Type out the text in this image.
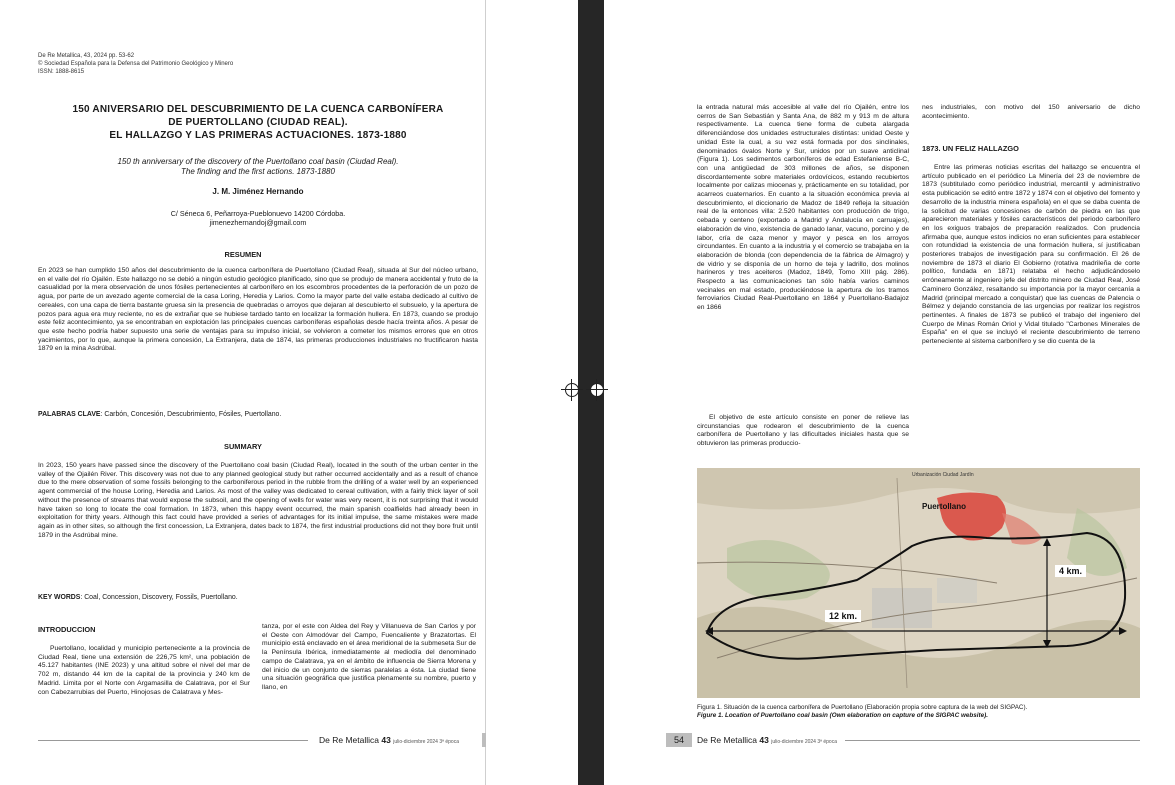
De Re Metallica, 43, 2024 pp. 53-62
© Sociedad Española para la Defensa del Patrimonio Geológico y Minero
ISSN: 1888-8615
150 ANIVERSARIO DEL DESCUBRIMIENTO DE LA CUENCA CARBONÍFERA
DE PUERTOLLANO (CIUDAD REAL).
EL HALLAZGO Y LAS PRIMERAS ACTUACIONES. 1873-1880
150 th anniversary of the discovery of the Puertollano coal basin (Ciudad Real).
The finding and the first actions. 1873-1880
J. M. Jiménez Hernando
C/ Séneca 6, Peñarroya-Pueblonuevo 14200 Córdoba.
jimenezhernandoj@gmail.com
RESUMEN
En 2023 se han cumplido 150 años del descubrimiento de la cuenca carbonífera de Puertollano (Ciudad Real), situada al Sur del núcleo urbano, en el valle del río Ojailén. Este hallazgo no se debió a ningún estudio geológico planificado, sino que se produjo de manera accidental y fruto de la casualidad por la mera observación de unos fósiles pertenecientes al carbonífero en los escombros procedentes de la perforación de un pozo de agua, por parte de un avezado agente comercial de la casa Loring, Heredia y Larios. Como la mayor parte del valle estaba dedicado al cultivo de cereales, con una capa de tierra bastante gruesa sin la presencia de quebradas o arroyos que dejaran al descubierto el subsuelo, y la apertura de pozos para agua era muy reciente, no es de extrañar que se hubiese tardado tanto en localizar la formación hullera. En 1873, cuando se produjo este feliz acontecimiento, ya se encontraban en explotación las principales cuencas carboníferas españolas desde hacía treinta años. A pesar de que este hecho podría haber supuesto una serie de ventajas para su impulso inicial, se volvieron a cometer los mismos errores que en otros yacimientos, por lo que, aunque la primera concesión, La Extranjera, data de 1874, las primeras producciones industriales no fructificaron hasta 1879 en la mina Asdrúbal.
PALABRAS CLAVE: Carbón, Concesión, Descubrimiento, Fósiles, Puertollano.
SUMMARY
In 2023, 150 years have passed since the discovery of the Puertollano coal basin (Ciudad Real), located in the south of the urban center in the valley of the Ojailén River. This discovery was not due to any planned geological study but rather occurred accidentally and as a result of chance due to the mere observation of some fossils belonging to the carboniferous period in the rubble from the drilling of a water well by an experienced agent commercial of the house Loring, Heredia and Larios. As most of the valley was dedicated to cereal cultivation, with a fairly thick layer of soil without the presence of streams that would expose the subsoil, and the opening of wells for water was very recent, it is not surprising that it would have taken so long to locate the coal formation. In 1873, when this happy event occurred, the main spanish coalfields had already been in exploitation for thirty years. Although this fact could have provided a series of advantages for its initial impulse, the same mistakes were made again as in other sites, so although the first concession, La Extranjera, dates back to 1874, the first industrial productions did not they bore fruit until 1879 in the Asdrúbal mine.
KEY WORDS: Coal, Concession, Discovery, Fossils, Puertollano.
INTRODUCCION
Puertollano, localidad y municipio perteneciente a la provincia de Ciudad Real, tiene una extensión de 226,75 km², una población de 45.127 habitantes (INE 2023) y una altitud sobre el nivel del mar de 702 m, distando 44 km de la capital de la provincia y 240 km de Madrid. Limita por el Norte con Argamasilla de Calatrava, por el Sur con Cabezarrubias del Puerto, Hinojosas de Calatrava y Mes-
tanza, por el este con Aldea del Rey y Villanueva de San Carlos y por el Oeste con Almodóvar del Campo, Fuencaliente y Brazatortas. El municipio está enclavado en el área meridional de la submeseta Sur de la Península Ibérica, inmediatamente al mediodía del denominado campo de Calatrava, ya en el ámbito de influencia de Sierra Morena y del inicio de un conjunto de sierras paralelas a ésta. La ciudad tiene una situación geográfica que justifica plenamente su nombre, puerto y llano, en
De Re Metallica 43 julio-diciembre 2024 3ª época
la entrada natural más accesible al valle del río Ojailén, entre los cerros de San Sebastián y Santa Ana, de 882 m y 913 m de altura respectivamente. La cuenca tiene forma de cubeta alargada diferenciándose dos unidades estructurales distintas: unidad Oeste y unidad Este la cual, a su vez está formada por dos sinclinales, denominados óvalos Norte y Sur, unidos por un suave anticlinal (Figura 1). Los sedimentos carboníferos de edad Estefaniense B-C, con una antigüedad de 303 millones de años, se disponen discordantemente sobre materiales ordovícicos, estando recubiertos localmente por calizas miocenas y, prácticamente en su totalidad, por acarreos cuaternarios. En cuanto a la situación económica previa al descubrimiento, el diccionario de Madoz de 1849 refleja la situación real de la entonces villa: 2.520 habitantes con producción de trigo, cebada y centeno (exportado a Madrid y Andalucía en carruajes), elaboración de vino, existencia de ganado lanar, vacuno, porcino y de labor, cría de caza menor y mayor y pesca en los arroyos circundantes. En cuanto a la industria y el comercio se trabajaba en la elaboración de blonda (con dependencia de la fábrica de Almagro) y de vidrio y se disponía de un horno de teja y ladrillo, dos molinos harineros y tres aceiteros (Madoz, 1849, Tomo XIII pág. 286). Respecto a las comunicaciones tan sólo había varios caminos vecinales en mal estado, produciéndose la apertura de los tramos ferroviarios Ciudad Real-Puertollano en 1864 y Puertollano-Badajoz en 1866
El objetivo de este artículo consiste en poner de relieve las circunstancias que rodearon el descubrimiento de la cuenca carbonífera de Puertollano y las dificultades iniciales hasta que se obtuvieron las primeras produccio-
nes industriales, con motivo del 150 aniversario de dicho acontecimiento.
1873. UN FELIZ HALLAZGO
Entre las primeras noticias escritas del hallazgo se encuentra el artículo publicado en el periódico La Minería del 23 de noviembre de 1873 (subtitulado como periódico industrial, mercantil y administrativo esta publicación se editó entre 1872 y 1874 con el objetivo del fomento y desarrollo de la industria minera española) en el que se daba cuenta de la solicitud de varias concesiones de carbón de piedra en las que aparecieron materiales y fósiles característicos del periodo carbonífero en los exiguos trabajos de preparación realizados. Con prudencia afirmaba que, aunque estos indicios no eran suficientes para establecer con rotundidad la existencia de una formación hullera, sí justificaban posteriores trabajos de investigación para su confirmación. El 26 de noviembre de 1873 el diario El Gobierno (rotativa madrileña de corte político, fundada en 1871) relataba el hecho adjudicándoselo erróneamente al ingeniero jefe del distrito minero de Ciudad Real, José Caminero González, resaltando su importancia por la mayor cercanía a Madrid (principal mercado a conquistar) que las cuencas de Palencia o Bélmez y dejando constancia de las urgencias por realizar los registros pertinentes. A finales de 1873 se publicó el trabajo del ingeniero del Cuerpo de Minas Román Oriol y Vidal titulado "Carbones Minerales de España" en el que se incluyó el reciente descubrimiento de terreno perteneciente al sistema carbonífero y se dio cuenta de la
Puertollano
Urbanización Ciudad Jardín
4 km.
12 km.
Figura 1. Situación de la cuenca carbonífera de Puertollano (Elaboración propia sobre captura de la web del SIGPAC).
Figure 1. Location of Puertollano coal basin (Own elaboration on capture of the SIGPAC website).
54	De Re Metallica 43 julio-diciembre 2024 3ª época
